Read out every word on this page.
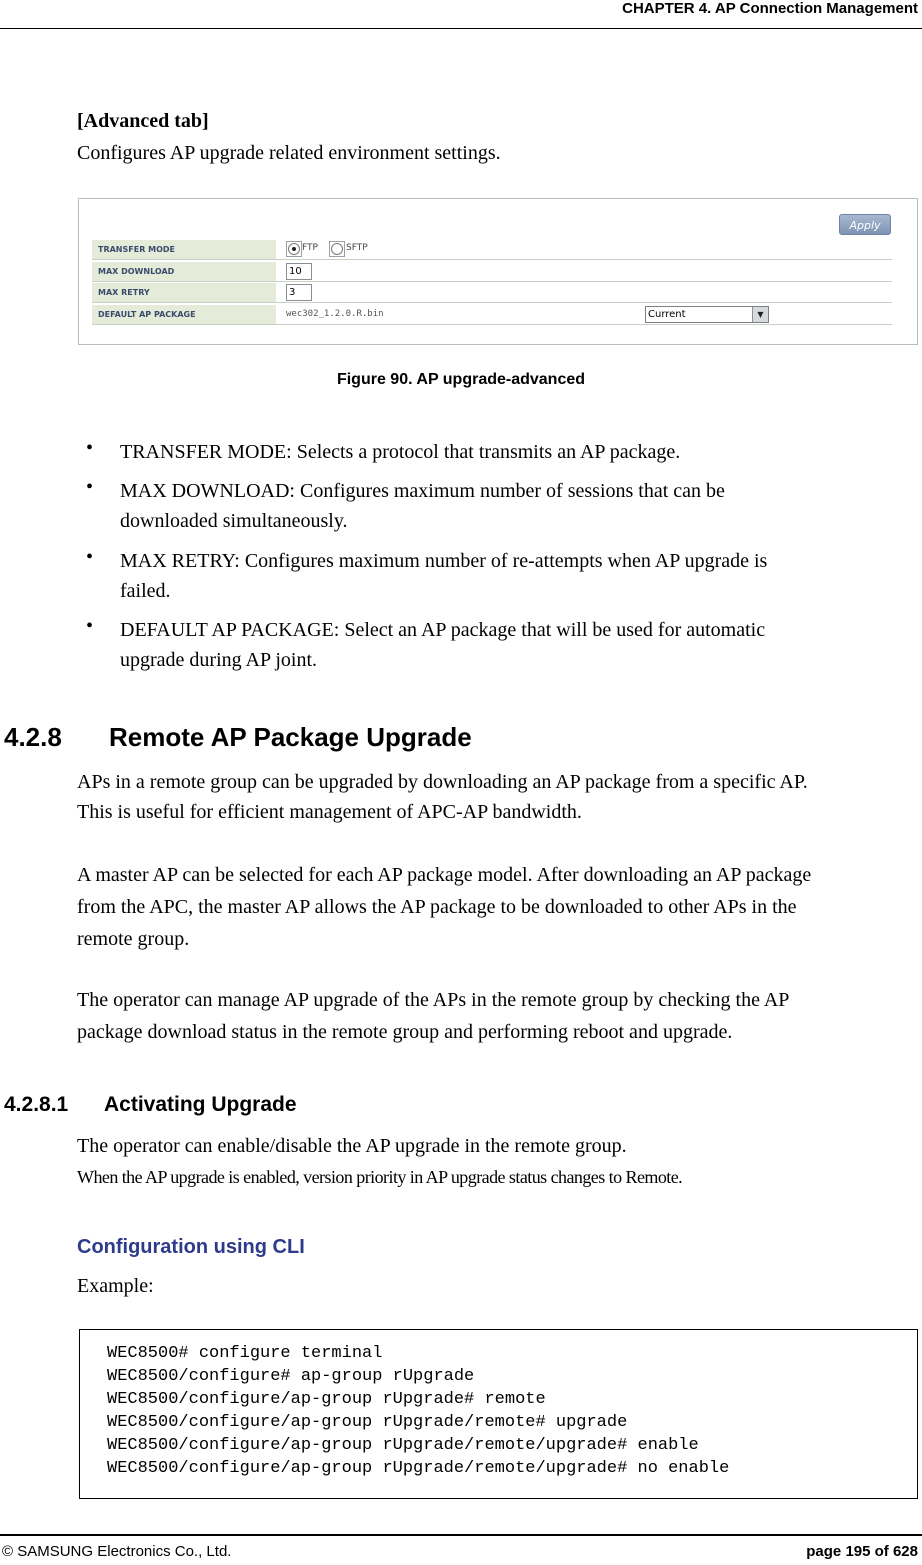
CHAPTER 4. AP Connection Management
[Advanced tab]
Configures AP upgrade related environment settings.
Apply
TRANSFER MODE	FTP	SFTP
MAX DOWNLOAD	10
MAX RETRY	3
DEFAULT AP PACKAGE	wec302_1.2.0.R.bin	Current	▼
Figure 90. AP upgrade-advanced
• TRANSFER MODE: Selects a protocol that transmits an AP package.
• MAX DOWNLOAD: Configures maximum number of sessions that can be
downloaded simultaneously.
• MAX RETRY: Configures maximum number of re-attempts when AP upgrade is
failed.
• DEFAULT AP PACKAGE: Select an AP package that will be used for automatic
upgrade during AP joint.
4.2.8 Remote AP Package Upgrade
APs in a remote group can be upgraded by downloading an AP package from a specific AP.
This is useful for efficient management of APC-AP bandwidth.
A master AP can be selected for each AP package model. After downloading an AP package
from the APC, the master AP allows the AP package to be downloaded to other APs in the
remote group.
The operator can manage AP upgrade of the APs in the remote group by checking the AP
package download status in the remote group and performing reboot and upgrade.
4.2.8.1 Activating Upgrade
The operator can enable/disable the AP upgrade in the remote group.
When the AP upgrade is enabled, version priority in AP upgrade status changes to Remote.
Configuration using CLI
Example:
WEC8500# configure terminal
WEC8500/configure# ap-group rUpgrade
WEC8500/configure/ap-group rUpgrade# remote
WEC8500/configure/ap-group rUpgrade/remote# upgrade
WEC8500/configure/ap-group rUpgrade/remote/upgrade# enable
WEC8500/configure/ap-group rUpgrade/remote/upgrade# no enable
© SAMSUNG Electronics Co., Ltd.	page 195 of 628
